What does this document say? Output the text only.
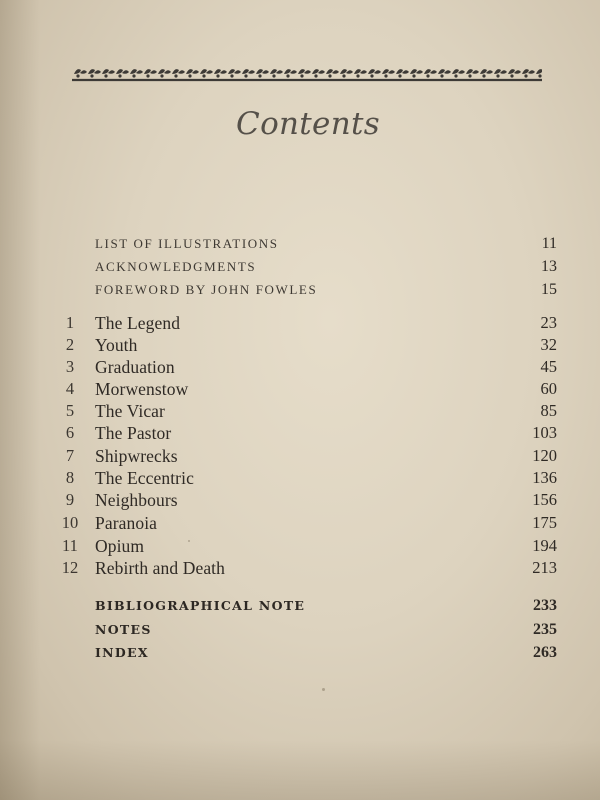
Contents
LIST OF ILLUSTRATIONS	11
ACKNOWLEDGMENTS	13
FOREWORD BY JOHN FOWLES	15
1	The Legend	23
2	Youth	32
3	Graduation	45
4	Morwenstow	60
5	The Vicar	85
6	The Pastor	103
7	Shipwrecks	120
8	The Eccentric	136
9	Neighbours	156
10 Paranoia	175
11 Opium	194
12 Rebirth and Death	213
BIBLIOGRAPHICAL NOTE	233
NOTES	235
INDEX	263
